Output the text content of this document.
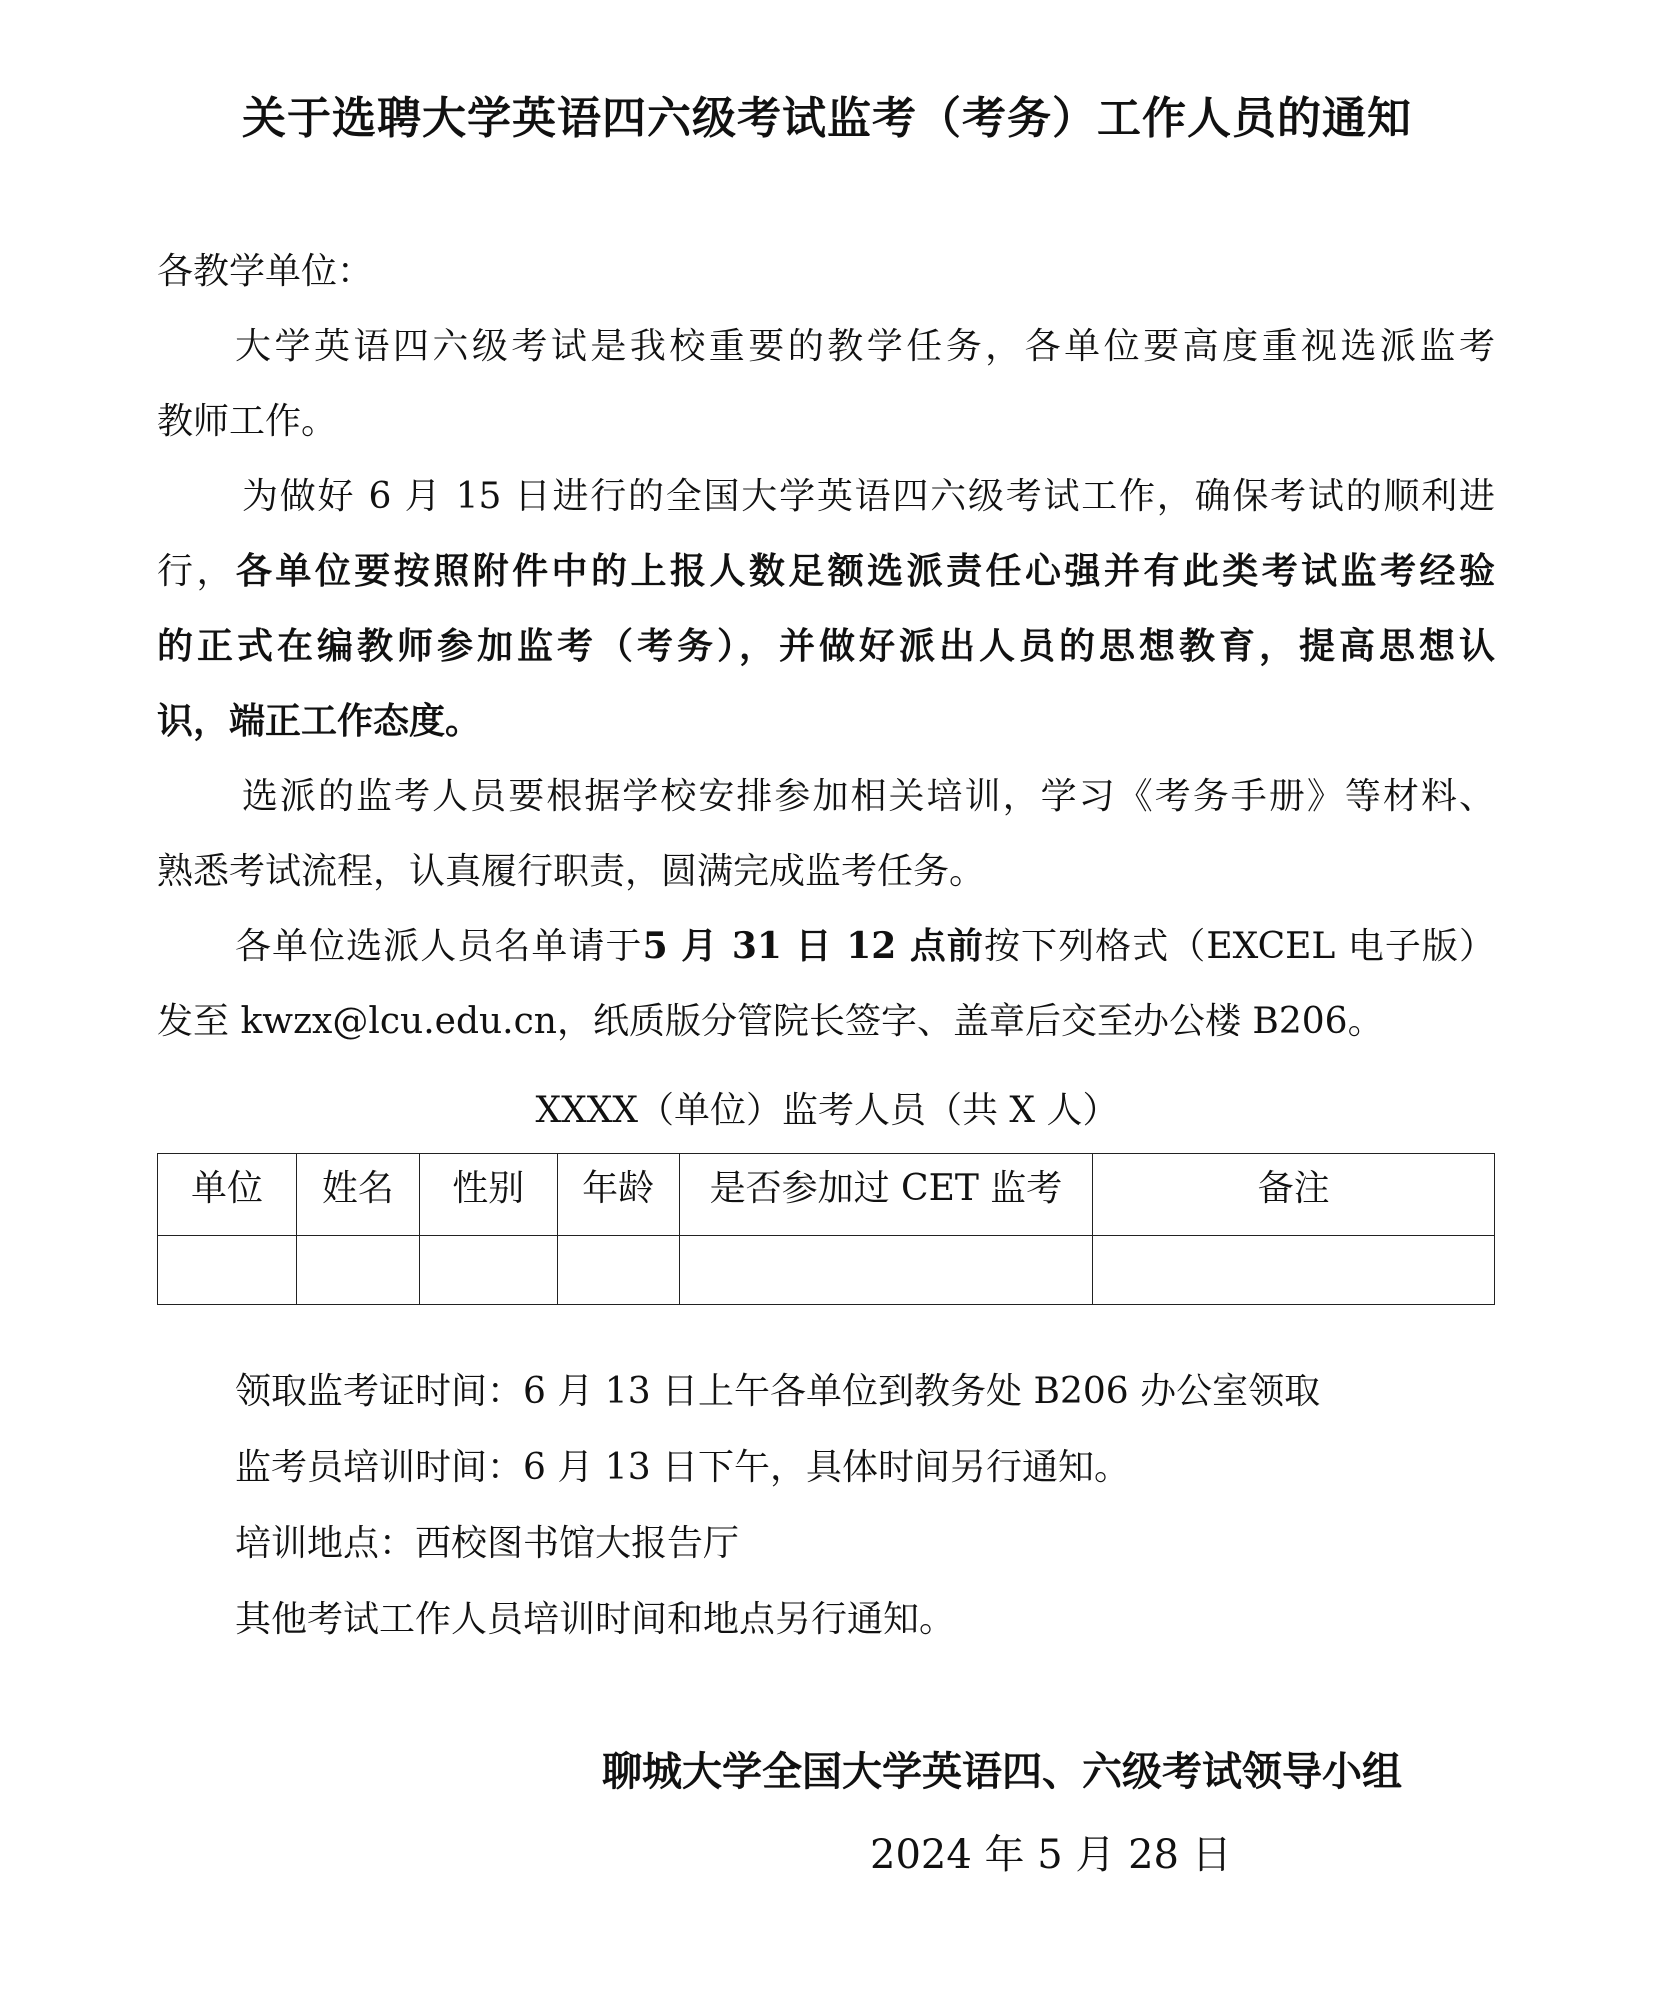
关于选聘大学英语四六级考试监考（考务）工作人员的通知
各教学单位：
大学英语四六级考试是我校重要的教学任务，各单位要高度重视选派监考
教师工作。
为做好 6 月 15 日进行的全国大学英语四六级考试工作，确保考试的顺利进
行，各单位要按照附件中的上报人数足额选派责任心强并有此类考试监考经验
的正式在编教师参加监考（考务），并做好派出人员的思想教育，提高思想认
识，端正工作态度。
选派的监考人员要根据学校安排参加相关培训，学习《考务手册》等材料、
熟悉考试流程，认真履行职责，圆满完成监考任务。
各单位选派人员名单请于5 月 31 日 12 点前按下列格式（EXCEL 电子版）
发至 kwzx@lcu.edu.cn，纸质版分管院长签字、盖章后交至办公楼 B206。
XXXX（单位）监考人员（共 X 人）
单位	姓名	性别	年龄	是否参加过 CET 监考	备注

领取监考证时间：6 月 13 日上午各单位到教务处 B206 办公室领取
监考员培训时间：6 月 13 日下午，具体时间另行通知。
培训地点：西校图书馆大报告厅
其他考试工作人员培训时间和地点另行通知。
聊城大学全国大学英语四、六级考试领导小组
2024 年 5 月 28 日
